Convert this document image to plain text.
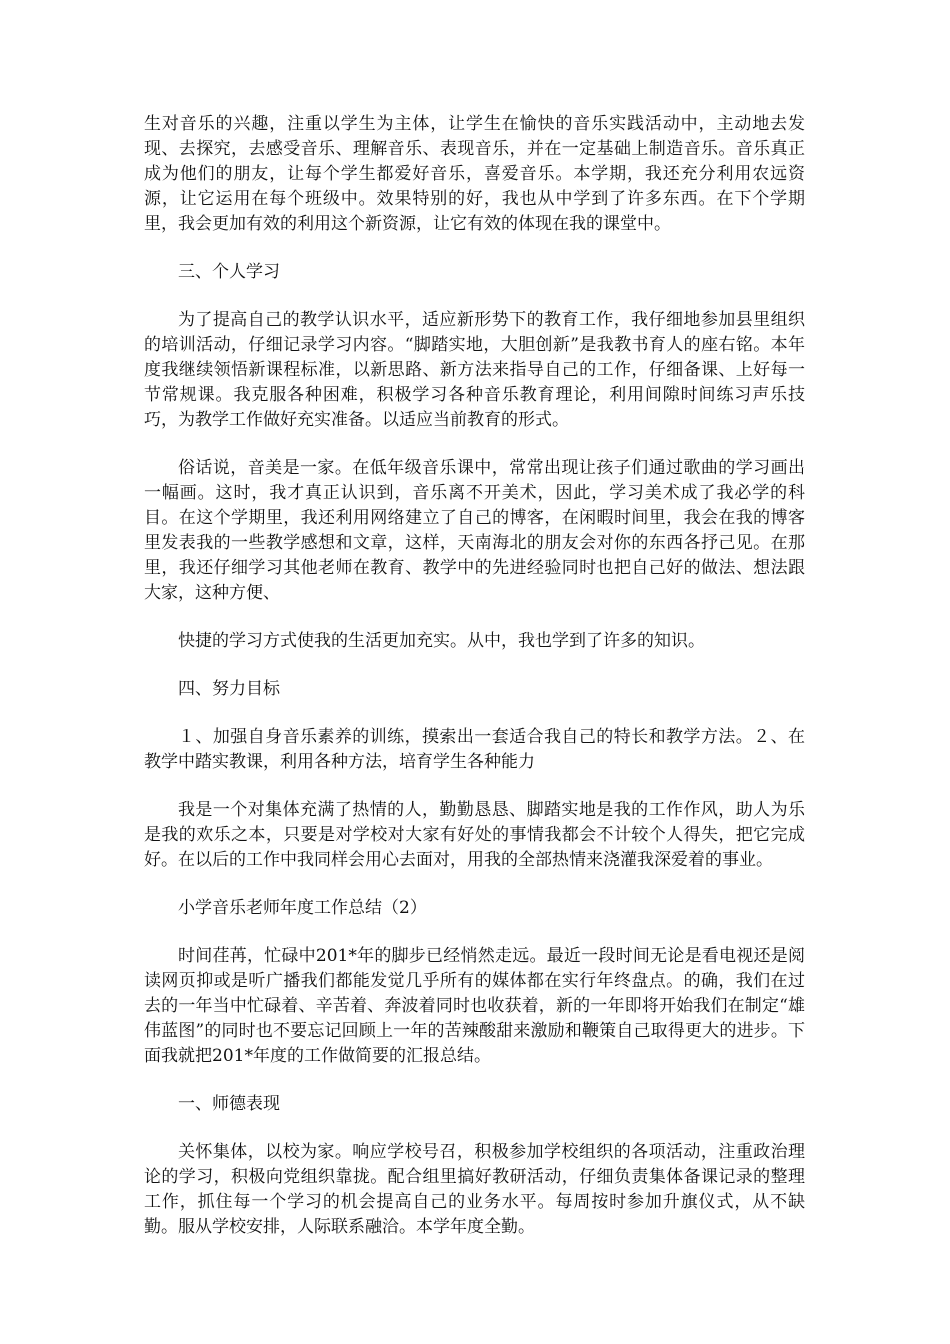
生对音乐的兴趣，注重以学生为主体，让学生在愉快的音乐实践活动中，主动地去发现、去探究，去感受音乐、理解音乐、表现音乐，并在一定基础上制造音乐。音乐真正成为他们的朋友，让每个学生都爱好音乐，喜爱音乐。本学期，我还充分利用农远资源，让它运用在每个班级中。效果特别的好，我也从中学到了许多东西。在下个学期里，我会更加有效的利用这个新资源，让它有效的体现在我的课堂中。

三、个人学习

为了提高自己的教学认识水平，适应新形势下的教育工作，我仔细地参加县里组织的培训活动，仔细记录学习内容。“脚踏实地，大胆创新”是我教书育人的座右铭。本年度我继续领悟新课程标准，以新思路、新方法来指导自己的工作，仔细备课、上好每一节常规课。我克服各种困难，积极学习各种音乐教育理论，利用间隙时间练习声乐技巧，为教学工作做好充实准备。以适应当前教育的形式。

俗话说，音美是一家。在低年级音乐课中，常常出现让孩子们通过歌曲的学习画出一幅画。这时，我才真正认识到，音乐离不开美术，因此，学习美术成了我必学的科目。在这个学期里，我还利用网络建立了自己的博客，在闲暇时间里，我会在我的博客里发表我的一些教学感想和文章，这样，天南海北的朋友会对你的东西各抒己见。在那里，我还仔细学习其他老师在教育、教学中的先进经验同时也把自己好的做法、想法跟大家，这种方便、

快捷的学习方式使我的生活更加充实。从中，我也学到了许多的知识。

四、努力目标

１、加强自身音乐素养的训练，摸索出一套适合我自己的特长和教学方法。２、在教学中踏实教课，利用各种方法，培育学生各种能力

我是一个对集体充满了热情的人，勤勤恳恳、脚踏实地是我的工作作风，助人为乐是我的欢乐之本，只要是对学校对大家有好处的事情我都会不计较个人得失，把它完成好。在以后的工作中我同样会用心去面对，用我的全部热情来浇灌我深爱着的事业。

小学音乐老师年度工作总结（2）

时间荏苒，忙碌中201*年的脚步已经悄然走远。最近一段时间无论是看电视还是阅读网页抑或是听广播我们都能发觉几乎所有的媒体都在实行年终盘点。的确，我们在过去的一年当中忙碌着、辛苦着、奔波着同时也收获着，新的一年即将开始我们在制定“雄伟蓝图”的同时也不要忘记回顾上一年的苦辣酸甜来激励和鞭策自己取得更大的进步。下面我就把201*年度的工作做简要的汇报总结。

一、师德表现

关怀集体，以校为家。响应学校号召，积极参加学校组织的各项活动，注重政治理论的学习，积极向党组织靠拢。配合组里搞好教研活动，仔细负责集体备课记录的整理工作，抓住每一个学习的机会提高自己的业务水平。每周按时参加升旗仪式，从不缺勤。服从学校安排，人际联系融洽。本学年度全勤。
